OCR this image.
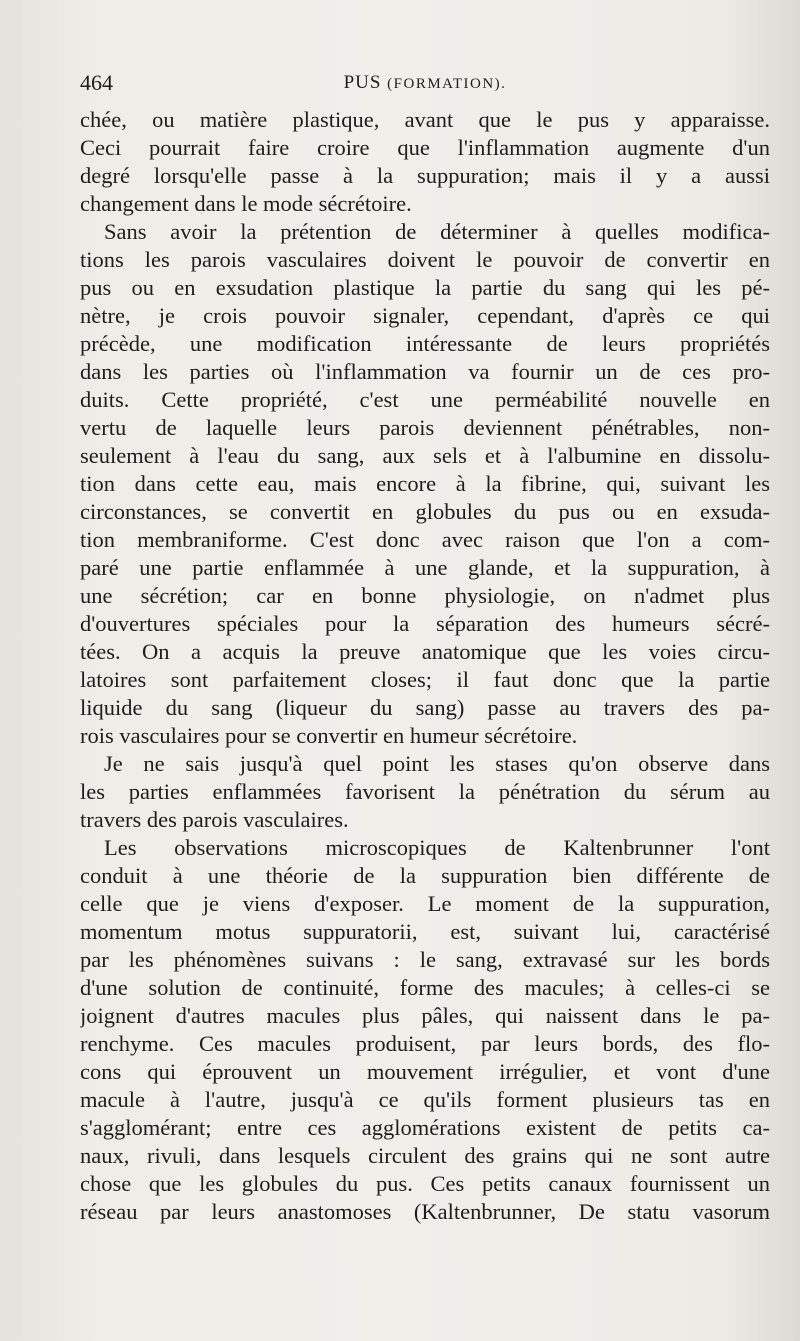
464	PUS (FORMATION).
chée, ou matière plastique, avant que le pus y apparaisse.
Ceci pourrait faire croire que l'inflammation augmente d'un
degré lorsqu'elle passe à la suppuration; mais il y a aussi
changement dans le mode sécrétoire.
Sans avoir la prétention de déterminer à quelles modifica-
tions les parois vasculaires doivent le pouvoir de convertir en
pus ou en exsudation plastique la partie du sang qui les pé-
nètre, je crois pouvoir signaler, cependant, d'après ce qui
précède, une modification intéressante de leurs propriétés
dans les parties où l'inflammation va fournir un de ces pro-
duits. Cette propriété, c'est une perméabilité nouvelle en
vertu de laquelle leurs parois deviennent pénétrables, non-
seulement à l'eau du sang, aux sels et à l'albumine en dissolu-
tion dans cette eau, mais encore à la fibrine, qui, suivant les
circonstances, se convertit en globules du pus ou en exsuda-
tion membraniforme. C'est donc avec raison que l'on a com-
paré une partie enflammée à une glande, et la suppuration, à
une sécrétion; car en bonne physiologie, on n'admet plus
d'ouvertures spéciales pour la séparation des humeurs sécré-
tées. On a acquis la preuve anatomique que les voies circu-
latoires sont parfaitement closes; il faut donc que la partie
liquide du sang (liqueur du sang) passe au travers des pa-
rois vasculaires pour se convertir en humeur sécrétoire.
Je ne sais jusqu'à quel point les stases qu'on observe dans
les parties enflammées favorisent la pénétration du sérum au
travers des parois vasculaires.
Les observations microscopiques de Kaltenbrunner l'ont
conduit à une théorie de la suppuration bien différente de
celle que je viens d'exposer. Le moment de la suppuration,
momentum motus suppuratorii, est, suivant lui, caractérisé
par les phénomènes suivans : le sang, extravasé sur les bords
d'une solution de continuité, forme des macules; à celles-ci se
joignent d'autres macules plus pâles, qui naissent dans le pa-
renchyme. Ces macules produisent, par leurs bords, des flo-
cons qui éprouvent un mouvement irrégulier, et vont d'une
macule à l'autre, jusqu'à ce qu'ils forment plusieurs tas en
s'agglomérant; entre ces agglomérations existent de petits ca-
naux, rivuli, dans lesquels circulent des grains qui ne sont autre
chose que les globules du pus. Ces petits canaux fournissent un
réseau par leurs anastomoses (Kaltenbrunner, De statu vasorum
